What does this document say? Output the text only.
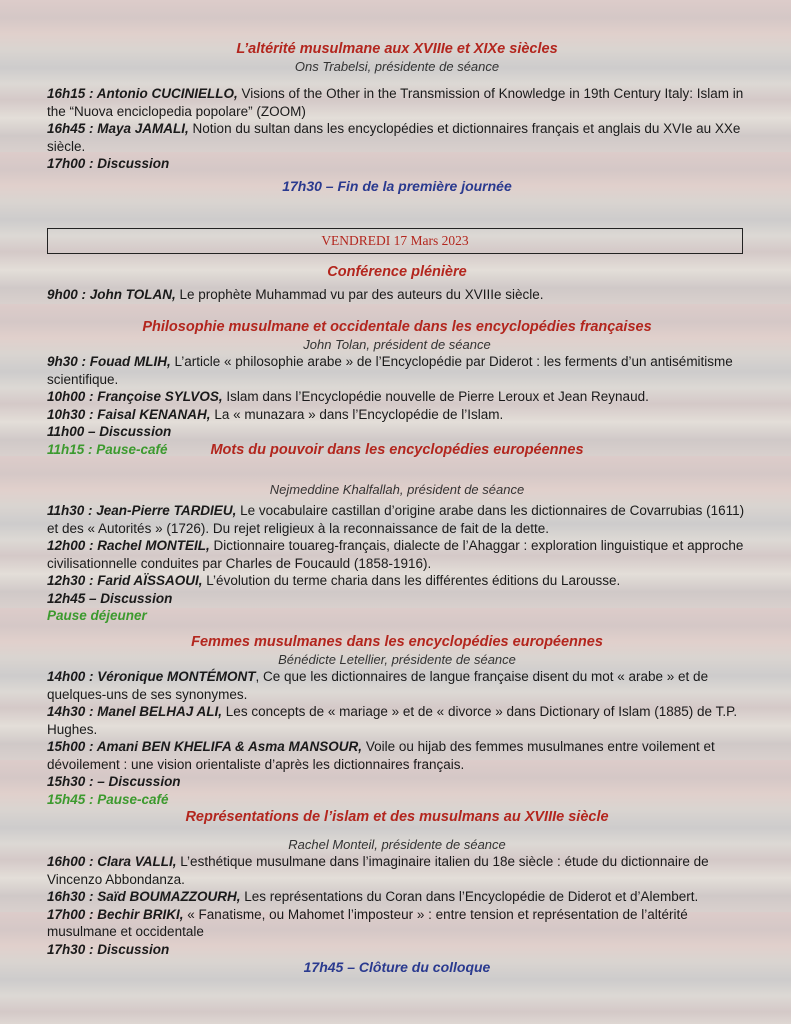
L’altérité musulmane aux XVIIIe et XIXe siècles
Ons Trabelsi, présidente de séance

16h15 : Antonio CUCINIELLO, Visions of the Other in the Transmission of Knowledge in 19th Century Italy: Islam in the “Nuova enciclopedia popolare” (ZOOM)

16h45 : Maya JAMALI, Notion du sultan dans les encyclopédies et dictionnaires français et anglais du XVIe au XXe siècle.

17h00 : Discussion
17h30 – Fin de la première journée
VENDREDI 17 Mars 2023
Conférence plénière

9h00 : John TOLAN, Le prophète Muhammad vu par des auteurs du XVIIIe siècle.

Philosophie musulmane et occidentale dans les encyclopédies françaises
John Tolan, président de séance

9h30 : Fouad MLIH, L’article « philosophie arabe » de l’Encyclopédie par Diderot : les ferments d’un antisémitisme scientifique.

10h00 : Françoise SYLVOS, Islam dans l’Encyclopédie nouvelle de Pierre Leroux et Jean Reynaud.

10h30 : Faisal KENANAH, La « munazara » dans l’Encyclopédie de l’Islam.

11h00 – Discussion
11h15 : Pause-café	Mots du pouvoir dans les encyclopédies européennes
Nejmeddine Khalfallah, président de séance

11h30 : Jean-Pierre TARDIEU, Le vocabulaire castillan d’origine arabe dans les dictionnaires de Covarrubias (1611) et des « Autorités » (1726). Du rejet religieux à la reconnaissance de fait de la dette.

12h00 : Rachel MONTEIL, Dictionnaire touareg-français, dialecte de l’Ahaggar : exploration linguistique et approche civilisationnelle conduites par Charles de Foucauld (1858-1916).

12h30 : Farid AÏSSAOUI, L’évolution du terme charia dans les différentes éditions du Larousse.

12h45 – Discussion
Pause déjeuner
Femmes musulmanes dans les encyclopédies européennes
Bénédicte Letellier, présidente de séance

14h00 : Véronique MONTÉMONT, Ce que les dictionnaires de langue française disent du mot « arabe » et de quelques-uns de ses synonymes.

14h30 : Manel BELHAJ ALI, Les concepts de « mariage » et de « divorce » dans Dictionary of Islam (1885) de T.P. Hughes.

15h00 : Amani BEN KHELIFA & Asma MANSOUR, Voile ou hijab des femmes musulmanes entre voilement et dévoilement : une vision orientaliste d’après les dictionnaires français.

15h30 : – Discussion
15h45 : Pause-café
Représentations de l’islam et des musulmans au XVIIIe siècle
Rachel Monteil, présidente de séance

16h00 : Clara VALLI, L’esthétique musulmane dans l’imaginaire italien du 18e siècle : étude du dictionnaire de Vincenzo Abbondanza.

16h30 : Saïd BOUMAZZOURH, Les représentations du Coran dans l’Encyclopédie de Diderot et d’Alembert.

17h00 : Bechir BRIKI, « Fanatisme, ou Mahomet l’imposteur » : entre tension et représentation de l’altérité musulmane et occidentale

17h30 : Discussion
17h45 – Clôture du colloque
